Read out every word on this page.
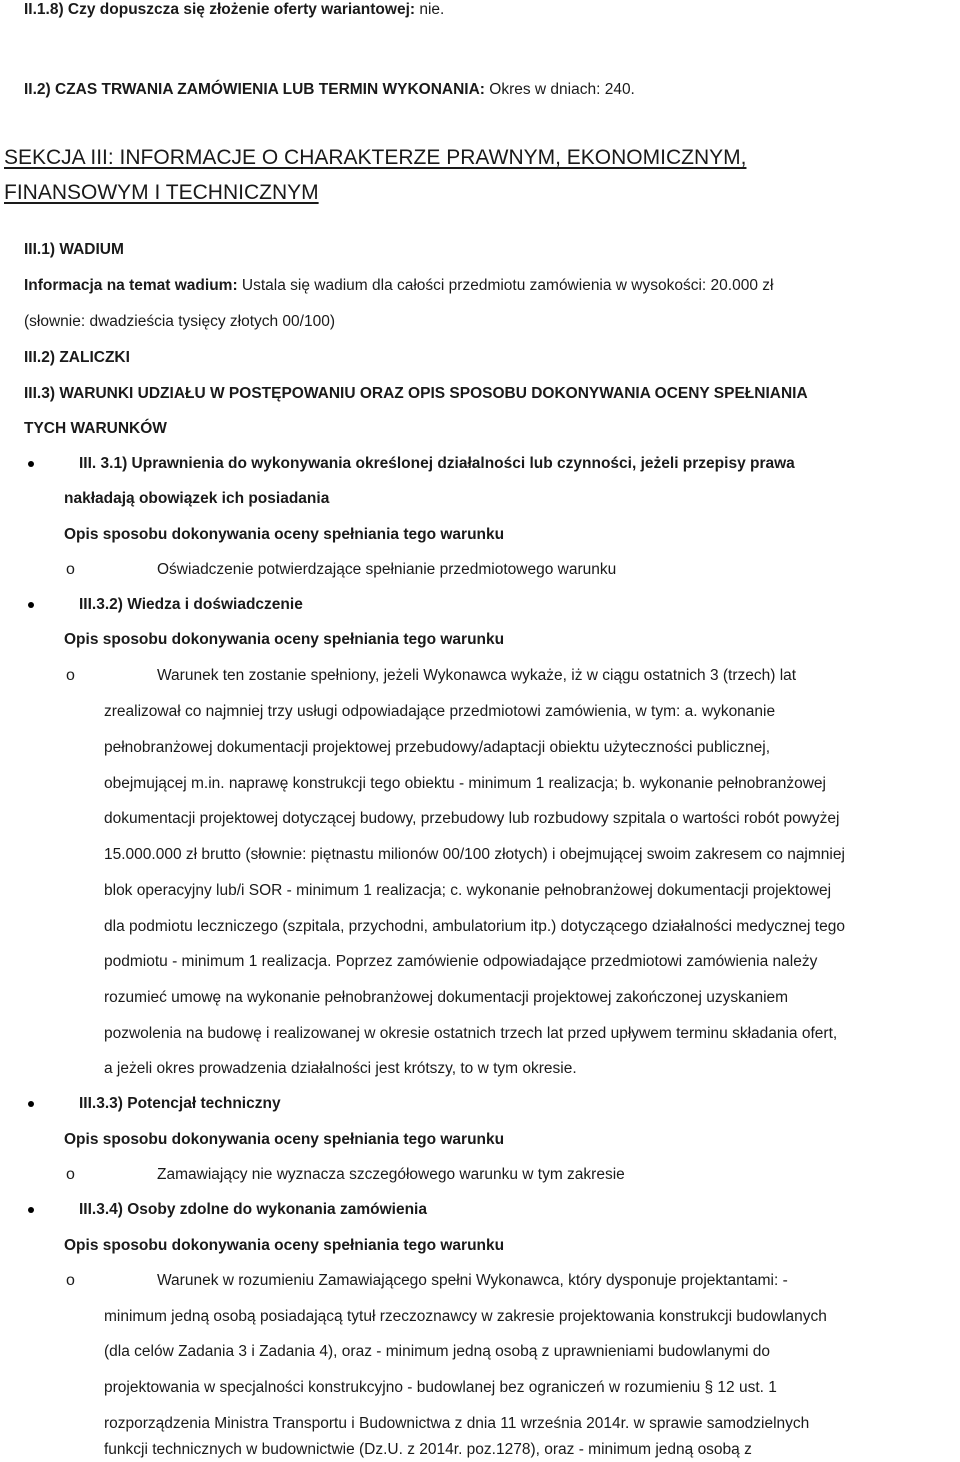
II.1.8) Czy dopuszcza się złożenie oferty wariantowej: nie.
II.2) CZAS TRWANIA ZAMÓWIENIA LUB TERMIN WYKONANIA: Okres w dniach: 240.
SEKCJA III: INFORMACJE O CHARAKTERZE PRAWNYM, EKONOMICZNYM,
FINANSOWYM I TECHNICZNYM
III.1) WADIUM
Informacja na temat wadium: Ustala się wadium dla całości przedmiotu zamówienia w wysokości: 20.000 zł
(słownie: dwadzieścia tysięcy złotych 00/100)
III.2) ZALICZKI
III.3) WARUNKI UDZIAŁU W POSTĘPOWANIU ORAZ OPIS SPOSOBU DOKONYWANIA OCENY SPEŁNIANIA
TYCH WARUNKÓW
III. 3.1) Uprawnienia do wykonywania określonej działalności lub czynności, jeżeli przepisy prawa
nakładają obowiązek ich posiadania
Opis sposobu dokonywania oceny spełniania tego warunku
o	Oświadczenie potwierdzające spełnianie przedmiotowego warunku
III.3.2) Wiedza i doświadczenie
Opis sposobu dokonywania oceny spełniania tego warunku
o	Warunek ten zostanie spełniony, jeżeli Wykonawca wykaże, iż w ciągu ostatnich 3 (trzech) lat
zrealizował co najmniej trzy usługi odpowiadające przedmiotowi zamówienia, w tym: a. wykonanie
pełnobranżowej dokumentacji projektowej przebudowy/adaptacji obiektu użyteczności publicznej,
obejmującej m.in. naprawę konstrukcji tego obiektu - minimum 1 realizacja; b. wykonanie pełnobranżowej
dokumentacji projektowej dotyczącej budowy, przebudowy lub rozbudowy szpitala o wartości robót powyżej
15.000.000 zł brutto (słownie: piętnastu milionów 00/100 złotych) i obejmującej swoim zakresem co najmniej
blok operacyjny lub/i SOR - minimum 1 realizacja; c. wykonanie pełnobranżowej dokumentacji projektowej
dla podmiotu leczniczego (szpitala, przychodni, ambulatorium itp.) dotyczącego działalności medycznej tego
podmiotu - minimum 1 realizacja. Poprzez zamówienie odpowiadające przedmiotowi zamówienia należy
rozumieć umowę na wykonanie pełnobranżowej dokumentacji projektowej zakończonej uzyskaniem
pozwolenia na budowę i realizowanej w okresie ostatnich trzech lat przed upływem terminu składania ofert,
a jeżeli okres prowadzenia działalności jest krótszy, to w tym okresie.
III.3.3) Potencjał techniczny
Opis sposobu dokonywania oceny spełniania tego warunku
o	Zamawiający nie wyznacza szczegółowego warunku w tym zakresie
III.3.4) Osoby zdolne do wykonania zamówienia
Opis sposobu dokonywania oceny spełniania tego warunku
o	Warunek w rozumieniu Zamawiającego spełni Wykonawca, który dysponuje projektantami: -
minimum jedną osobą posiadającą tytuł rzeczoznawcy w zakresie projektowania konstrukcji budowlanych
(dla celów Zadania 3 i Zadania 4), oraz - minimum jedną osobą z uprawnieniami budowlanymi do
projektowania w specjalności konstrukcyjno - budowlanej bez ograniczeń w rozumieniu § 12 ust. 1
rozporządzenia Ministra Transportu i Budownictwa z dnia 11 września 2014r. w sprawie samodzielnych
funkcji technicznych w budownictwie (Dz.U. z 2014r. poz.1278), oraz - minimum jedną osobą z
